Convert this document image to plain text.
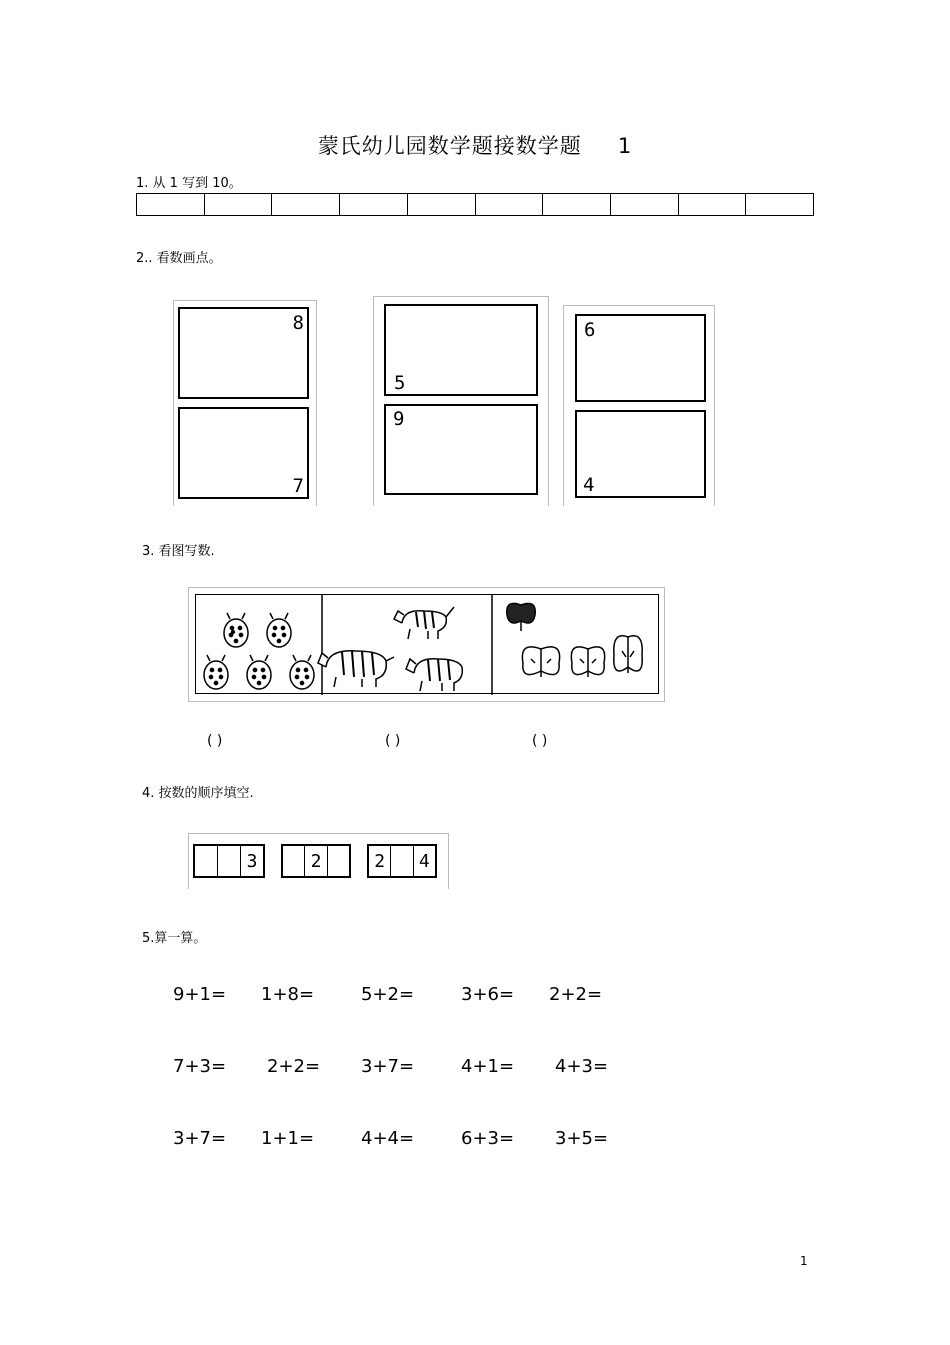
蒙氏幼儿园数学题接数学题 1
1. 从 1 写到 10。
2.. 看数画点。
8
7
5
9
6
4
3. 看图写数.
( )	( )	( )
4. 按数的顺序填空.
3	2	2	4
5.算一算。
9+1= 1+8=	5+2=	3+6= 2+2=
7+3= 2+2= 3+7=	4+1= 4+3=
3+7= 1+1=	4+4=	6+3= 3+5=
1
